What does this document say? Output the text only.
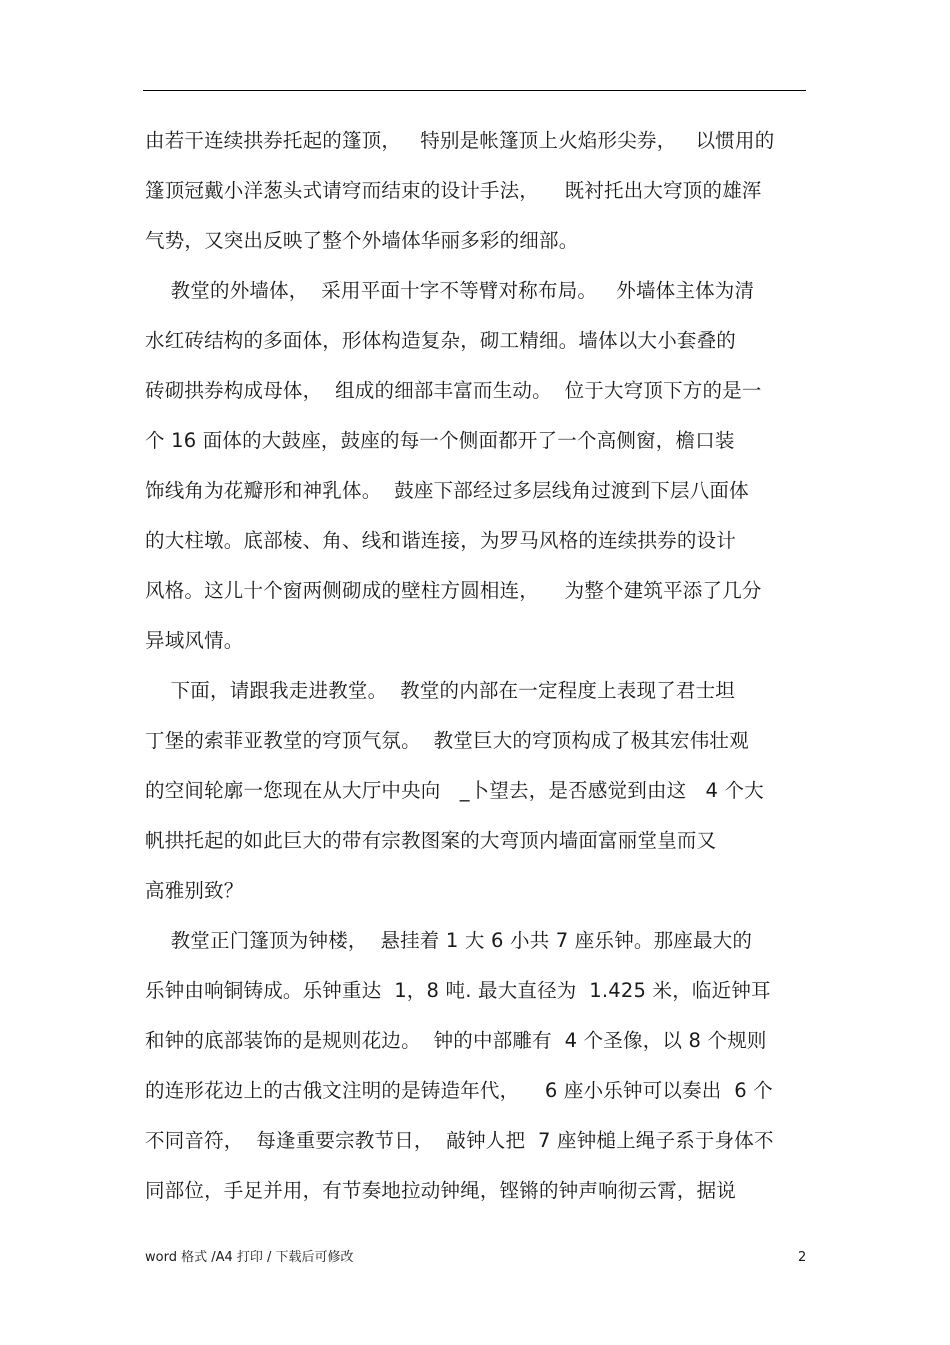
由若干连续拱券托起的篷顶，   特别是帐篷顶上火焰形尖券，   以惯用的
篷顶冠戴小洋葱头式请穹而结束的设计手法，    既衬托出大穹顶的雄浑
气势，又突出反映了整个外墙体华丽多彩的细部。
教堂的外墙体，  采用平面十字不等臂对称布局。   外墙体主体为清
水红砖结构的多面体，形体构造复杂，砌工精细。墙体以大小套叠的
砖砌拱券构成母体，  组成的细部丰富而生动。  位于大穹顶下方的是一
个 16 面体的大鼓座，鼓座的每一个侧面都开了一个高侧窗，檐口装
饰线角为花瓣形和神乳体。  鼓座下部经过多层线角过渡到下层八面体
的大柱墩。底部棱、角、线和谐连接，为罗马风格的连续拱券的设计
风格。这儿十个窗两侧砌成的壁柱方圆相连，    为整个建筑平添了几分
异域风情。
下面，请跟我走进教堂。  教堂的内部在一定程度上表现了君士坦
丁堡的索菲亚教堂的穹顶气氛。  教堂巨大的穹顶构成了极其宏伟壮观
的空间轮廓一您现在从大厅中央向   _卜望去，是否感觉到由这   4 个大
帆拱托起的如此巨大的带有宗教图案的大弯顶内墙面富丽堂皇而又
高雅别致？
教堂正门篷顶为钟楼，  悬挂着 1 大 6 小共 7 座乐钟。那座最大的
乐钟由响铜铸成。乐钟重达  1，8 吨. 最大直径为  1.425 米，临近钟耳
和钟的底部装饰的是规则花边。  钟的中部雕有  4 个圣像，以 8 个规则
的连形花边上的古俄文注明的是铸造年代，    6 座小乐钟可以奏出  6 个
不同音符，  每逢重要宗教节日，  敲钟人把  7 座钟槌上绳子系于身体不
同部位，手足并用，有节奏地拉动钟绳，铿锵的钟声响彻云霄，据说
word 格式 /A4 打印 / 下载后可修改	2
